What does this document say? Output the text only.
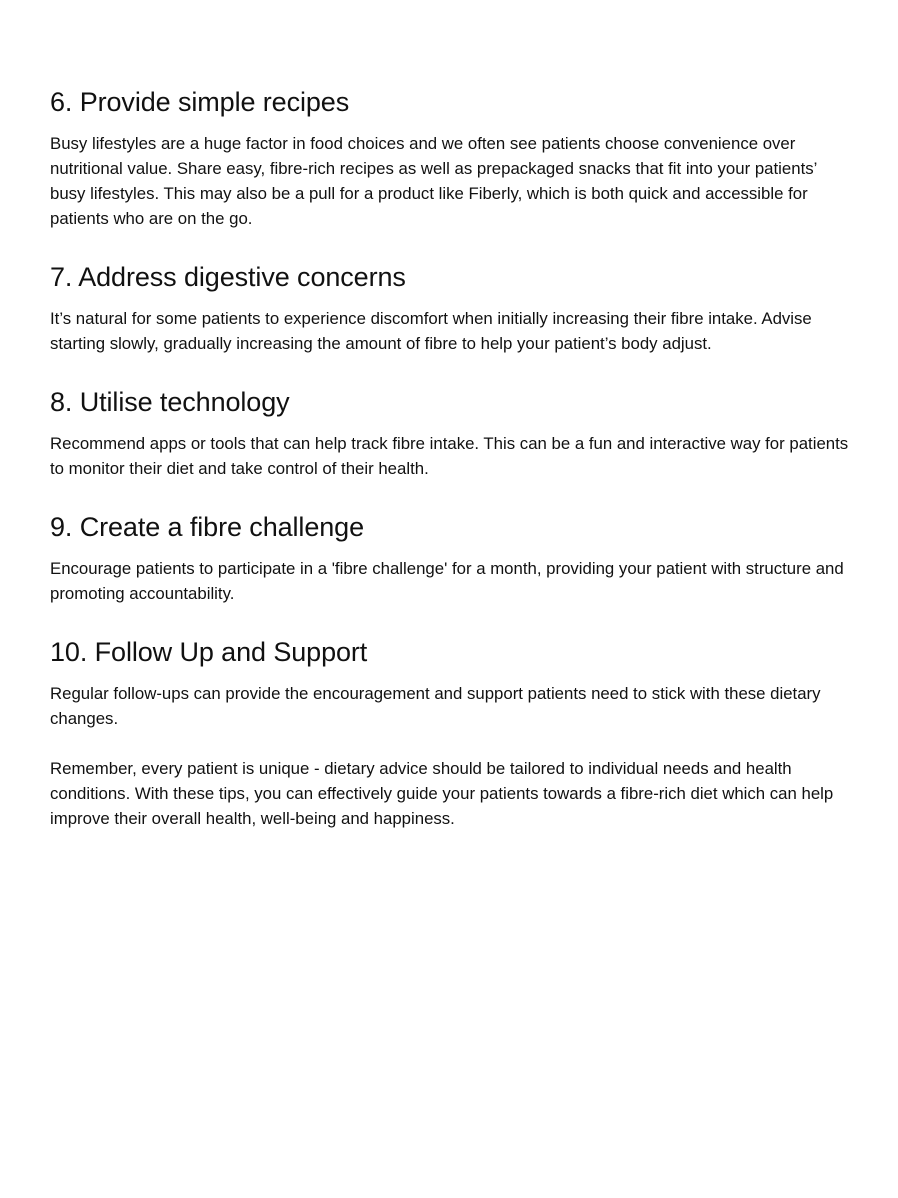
6. Provide simple recipes

Busy lifestyles are a huge factor in food choices and we often see patients choose convenience over nutritional value. Share easy, fibre-rich recipes as well as prepackaged snacks that fit into your patients’ busy lifestyles. This may also be a pull for a product like Fiberly, which is both quick and accessible for patients who are on the go.

7. Address digestive concerns

It’s natural for some patients to experience discomfort when initially increasing their fibre intake. Advise starting slowly, gradually increasing the amount of fibre to help your patient’s body adjust.

8. Utilise technology

Recommend apps or tools that can help track fibre intake. This can be a fun and interactive way for patients to monitor their diet and take control of their health.

9. Create a fibre challenge

Encourage patients to participate in a 'fibre challenge' for a month, providing your patient with structure and promoting accountability.

10. Follow Up and Support

Regular follow-ups can provide the encouragement and support patients need to stick with these dietary changes.

Remember, every patient is unique - dietary advice should be tailored to individual needs and health conditions. With these tips, you can effectively guide your patients towards a fibre-rich diet which can help improve their overall health, well-being and happiness.
